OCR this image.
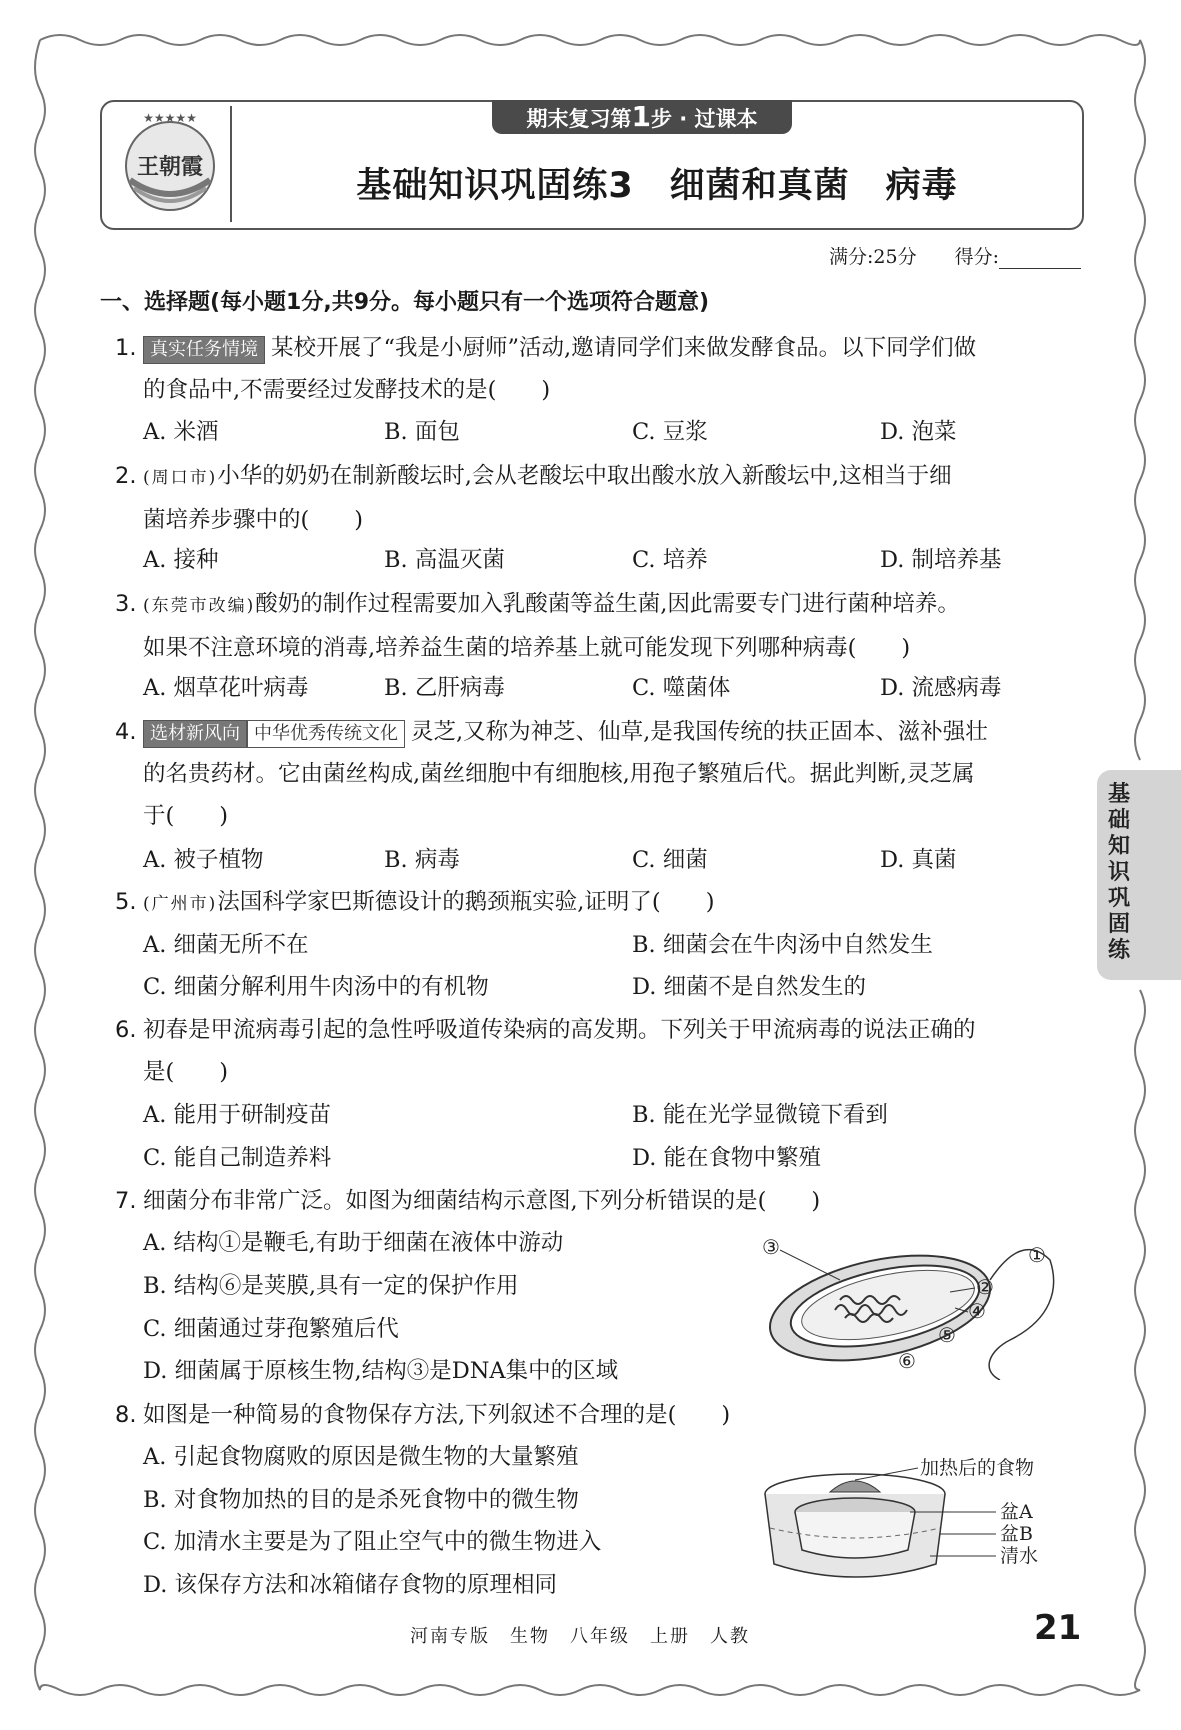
★★★★★
王朝霞
期末复习第1步 · 过课本
基础知识巩固练3　细菌和真菌　病毒
满分:25分　　 得分:
一、选择题(每小题1分,共9分。每小题只有一个选项符合题意)
1. 真实任务情境 某校开展了“我是小厨师”活动,邀请同学们来做发酵食品。以下同学们做
的食品中,不需要经过发酵技术的是(　　)
A. 米酒	B. 面包	C. 豆浆	D. 泡菜
2. (周口市)小华的奶奶在制新酸坛时,会从老酸坛中取出酸水放入新酸坛中,这相当于细
菌培养步骤中的(　　)
A. 接种	B. 高温灭菌	C. 培养	D. 制培养基
3. (东莞市改编)酸奶的制作过程需要加入乳酸菌等益生菌,因此需要专门进行菌种培养。
如果不注意环境的消毒,培养益生菌的培养基上就可能发现下列哪种病毒(　　)
A. 烟草花叶病毒	B. 乙肝病毒	C. 噬菌体	D. 流感病毒
4. 选材新风向 中华优秀传统文化 灵芝,又称为神芝、仙草,是我国传统的扶正固本、滋补强壮
的名贵药材。它由菌丝构成,菌丝细胞中有细胞核,用孢子繁殖后代。据此判断,灵芝属
于(　　)
A. 被子植物	B. 病毒	C. 细菌	D. 真菌
5. (广州市)法国科学家巴斯德设计的鹅颈瓶实验,证明了(　　)
A. 细菌无所不在	B. 细菌会在牛肉汤中自然发生
C. 细菌分解利用牛肉汤中的有机物	D. 细菌不是自然发生的
6. 初春是甲流病毒引起的急性呼吸道传染病的高发期。下列关于甲流病毒的说法正确的
是(　　)
A. 能用于研制疫苗	B. 能在光学显微镜下看到
C. 能自己制造养料	D. 能在食物中繁殖
7. 细菌分布非常广泛。如图为细菌结构示意图,下列分析错误的是(　　)
A. 结构①是鞭毛,有助于细菌在液体中游动
B. 结构⑥是荚膜,具有一定的保护作用
C. 细菌通过芽孢繁殖后代
D. 细菌属于原核生物,结构③是DNA集中的区域
③	①
②
④
⑤
⑥
8. 如图是一种简易的食物保存方法,下列叙述不合理的是(　　)
A. 引起食物腐败的原因是微生物的大量繁殖
B. 对食物加热的目的是杀死食物中的微生物
C. 加清水主要是为了阻止空气中的微生物进入
D. 该保存方法和冰箱储存食物的原理相同
加热后的食物
盆A
盆B
清水
基础知识巩固练
河南专版　生物　八年级　上册　人教	21
